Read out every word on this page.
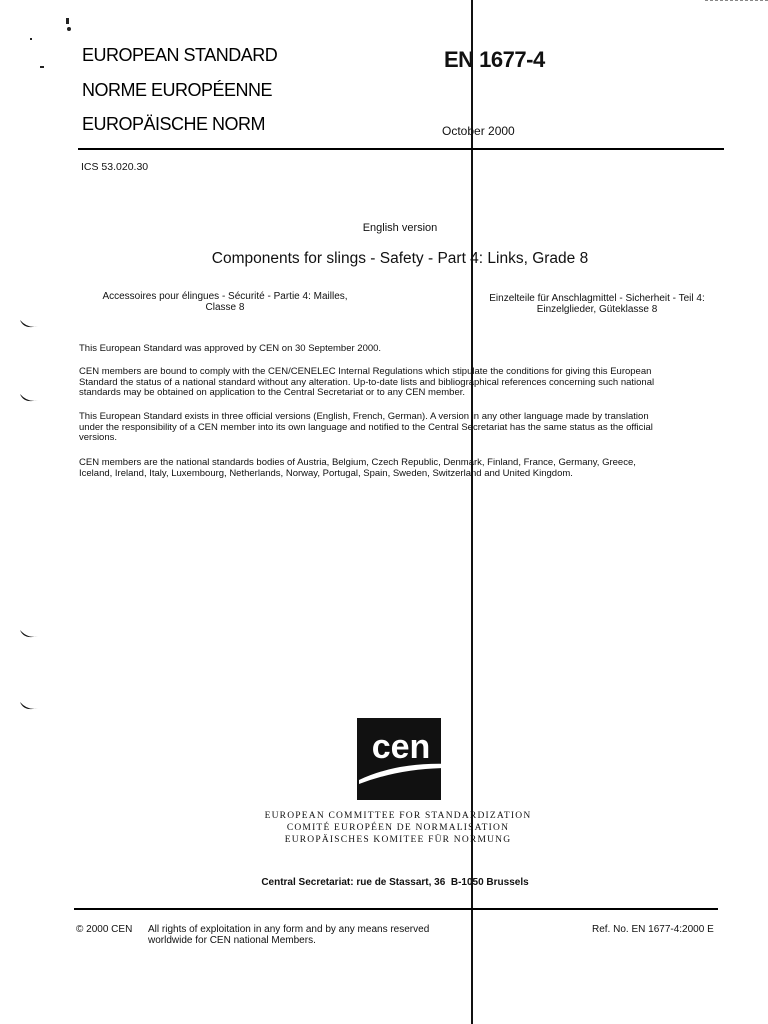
EUROPEAN STANDARD
NORME EUROPÉENNE
EUROPÄISCHE NORM
EN 1677-4
October 2000
ICS 53.020.30
English version
Components for slings - Safety - Part 4: Links, Grade 8
Accessoires pour élingues - Sécurité - Partie 4: Mailles,
Classe 8
Einzelteile für Anschlagmittel - Sicherheit - Teil 4:
Einzelglieder, Güteklasse 8
This European Standard was approved by CEN on 30 September 2000.
CEN members are bound to comply with the CEN/CENELEC Internal Regulations which stipulate the conditions for giving this European
Standard the status of a national standard without any alteration. Up-to-date lists and bibliographical references concerning such national
standards may be obtained on application to the Central Secretariat or to any CEN member.
This European Standard exists in three official versions (English, French, German). A version in any other language made by translation
under the responsibility of a CEN member into its own language and notified to the Central Secretariat has the same status as the official
versions.
CEN members are the national standards bodies of Austria, Belgium, Czech Republic, Denmark, Finland, France, Germany, Greece,
Iceland, Ireland, Italy, Luxembourg, Netherlands, Norway, Portugal, Spain, Sweden, Switzerland and United Kingdom.
cen
EUROPEAN COMMITTEE FOR STANDARDIZATION
COMITÉ EUROPÉEN DE NORMALISATION
EUROPÄISCHES KOMITEE FÜR NORMUNG
Central Secretariat: rue de Stassart, 36  B-1050 Brussels
© 2000 CEN All rights of exploitation in any form and by any means reserved
worldwide for CEN national Members.
Ref. No. EN 1677-4:2000 E
